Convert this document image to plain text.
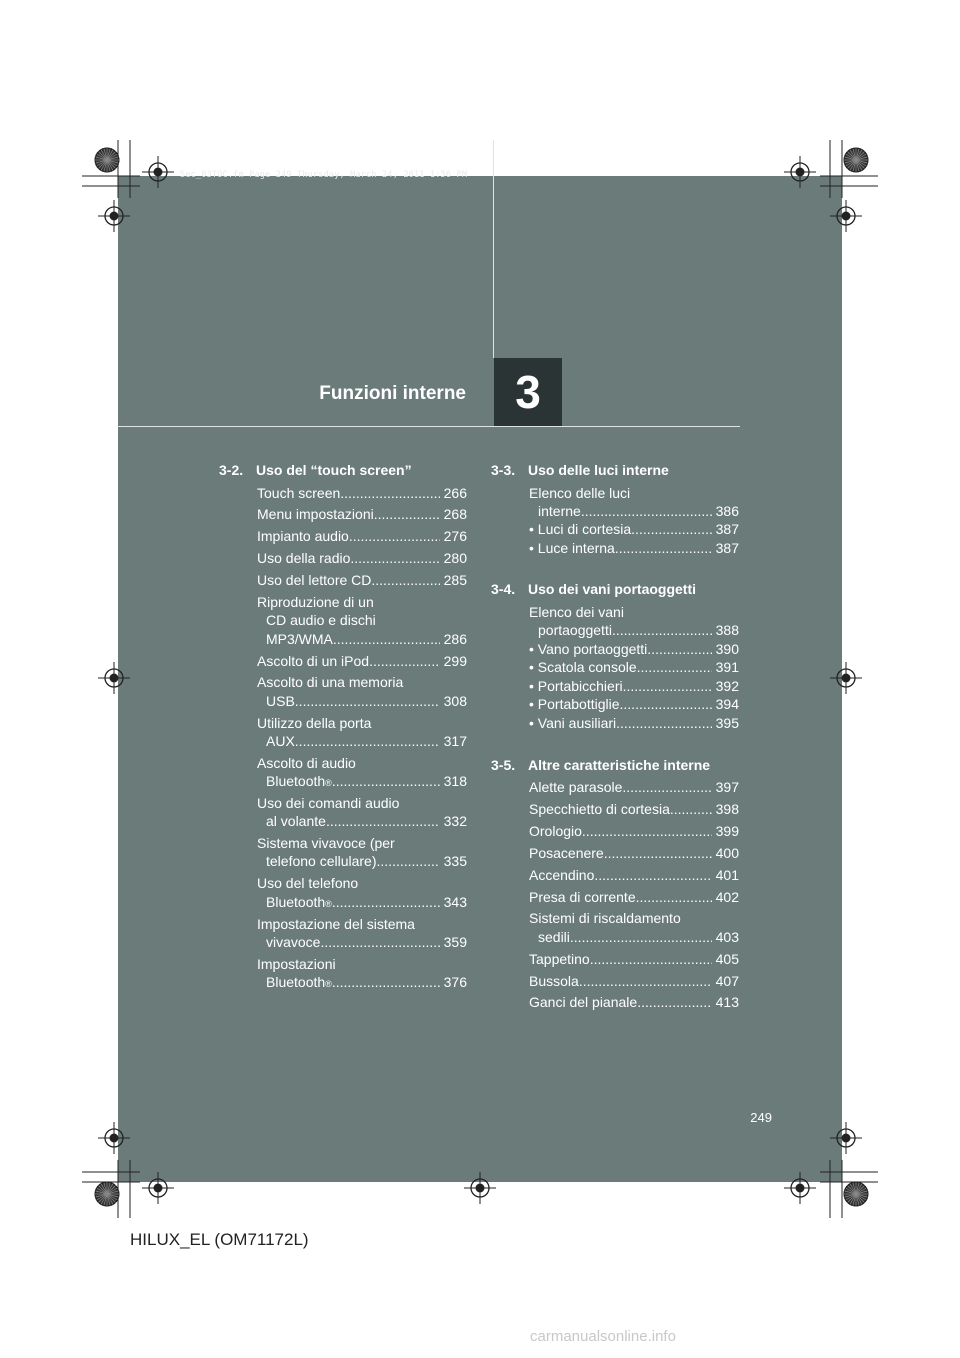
Sec_03TOC.fm Page 249 Thursday, March 24, 2011 1:56 PM
Funzioni interne	3
3-2. Uso del “touch screen”
Touch screen .....	266
Menu impostazioni .....	268
Impianto audio .....	276
Uso della radio .....	280
Uso del lettore CD .....	285
Riproduzione di un
CD audio e dischi
MP3/WMA .....	286
Ascolto di un iPod .....	299
Ascolto di una memoria
USB .....	308
Utilizzo della porta
AUX .....	317
Ascolto di audio
Bluetooth ® .....	318
Uso dei comandi audio
al volante .....	332
Sistema vivavoce (per
telefono cellulare) .....	335
Uso del telefono
Bluetooth ® .....	343
Impostazione del sistema
vivavoce .....	359
Impostazioni
Bluetooth ® .....	376
3-3. Uso delle luci interne
Elenco delle luci
interne .....	386
• Luci di cortesia .....	387
• Luce interna .....	387
3-4. Uso dei vani portaoggetti
Elenco dei vani
portaoggetti .....	388
• Vano portaoggetti .....	390
• Scatola console .....	391
• Portabicchieri .....	392
• Portabottiglie .....	394
• Vani ausiliari .....	395
3-5. Altre caratteristiche interne
Alette parasole .....	397
Specchietto di cortesia .....	398
Orologio .....	399
Posacenere .....	400
Accendino .....	401
Presa di corrente .....	402
Sistemi di riscaldamento
sedili .....	403
Tappetino .....	405
Bussola .....	407
Ganci del pianale .....	413
249
HILUX_EL (OM71172L)
carmanualsonline.info
